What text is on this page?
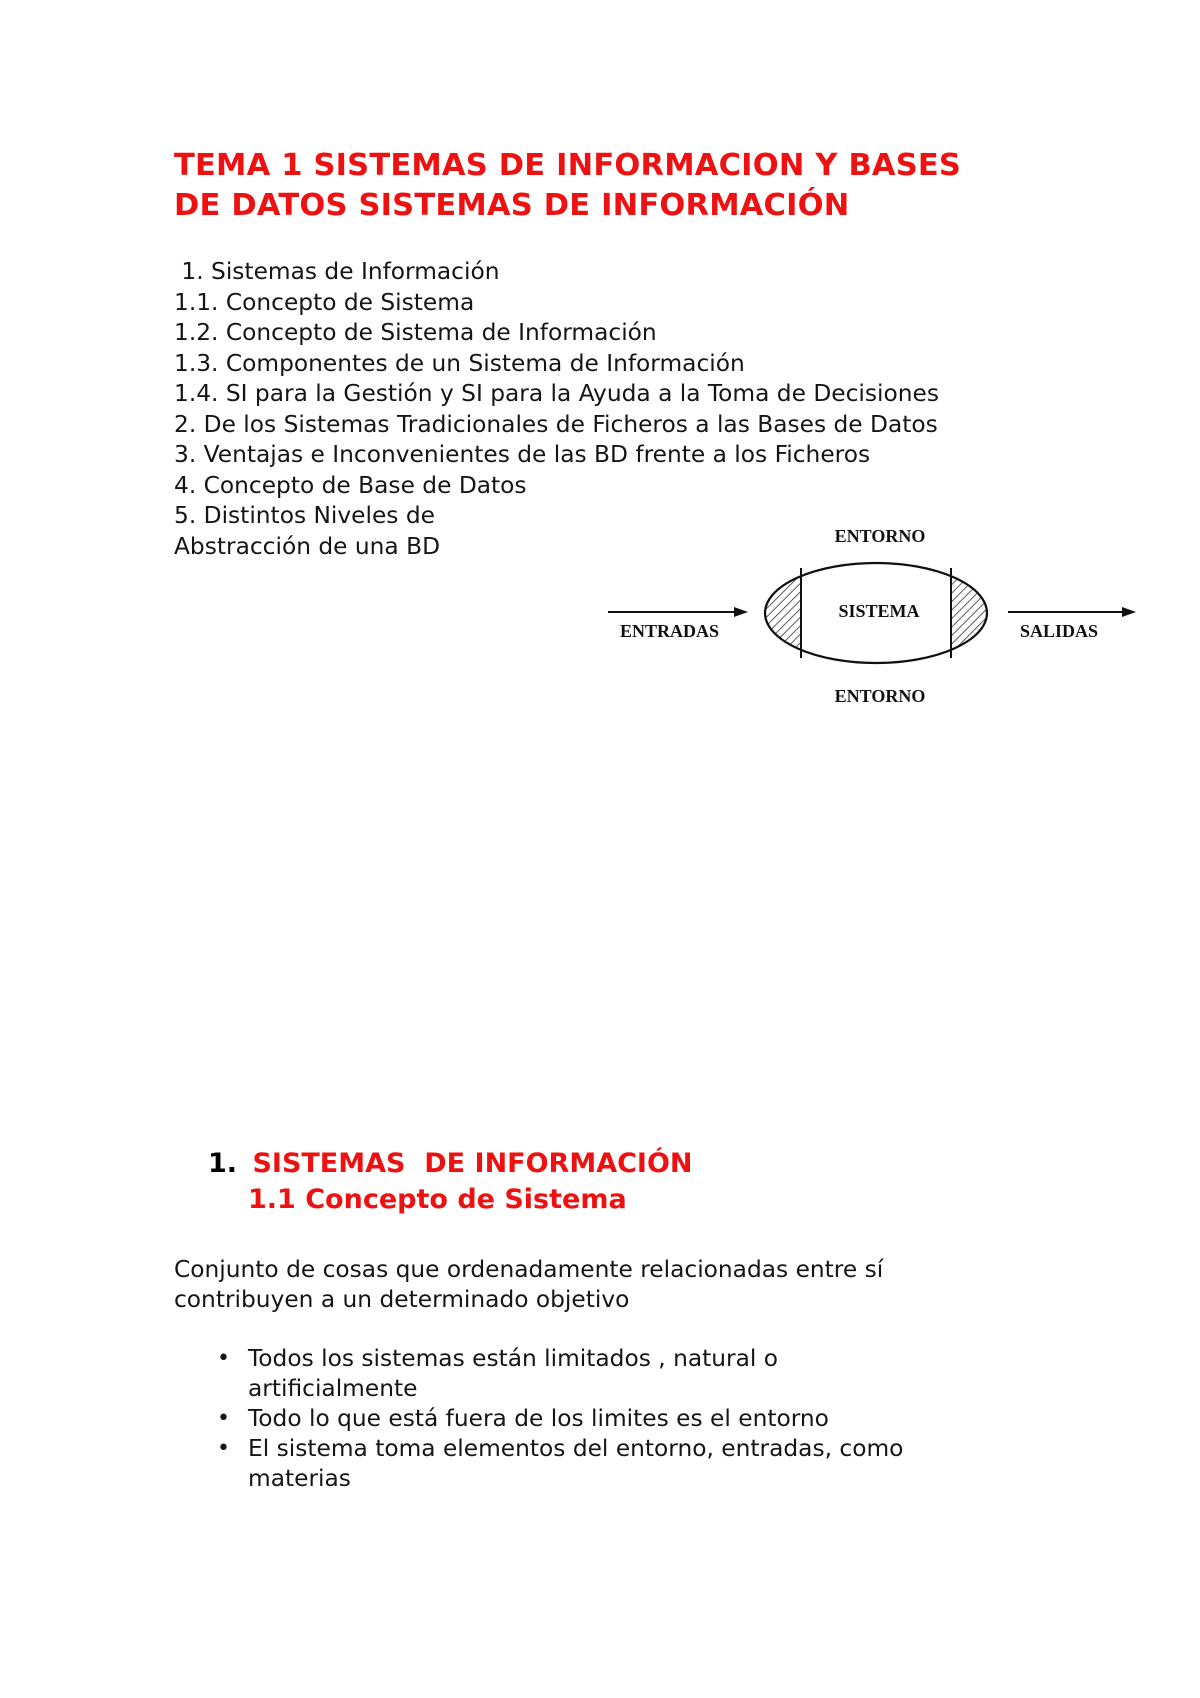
TEMA 1 SISTEMAS DE INFORMACION Y BASES
DE DATOS SISTEMAS DE INFORMACIÓN
1. Sistemas de Información
1.1. Concepto de Sistema
1.2. Concepto de Sistema de Información
1.3. Componentes de un Sistema de Información
1.4. SI para la Gestión y SI para la Ayuda a la Toma de Decisiones
2. De los Sistemas Tradicionales de Ficheros a las Bases de Datos
3. Ventajas e Inconvenientes de las BD frente a los Ficheros
4. Concepto de Base de Datos
5. Distintos Niveles de
Abstracción de una BD	ENTORNO
SISTEMA
ENTRADAS	SALIDAS
ENTORNO
1. SISTEMAS  DE INFORMACIÓN
1.1 Concepto de Sistema
Conjunto de cosas que ordenadamente relacionadas entre sí
contribuyen a un determinado objetivo
• Todos los sistemas están limitados , natural o
artificialmente
• Todo lo que está fuera de los limites es el entorno
• El sistema toma elementos del entorno, entradas, como
materias
